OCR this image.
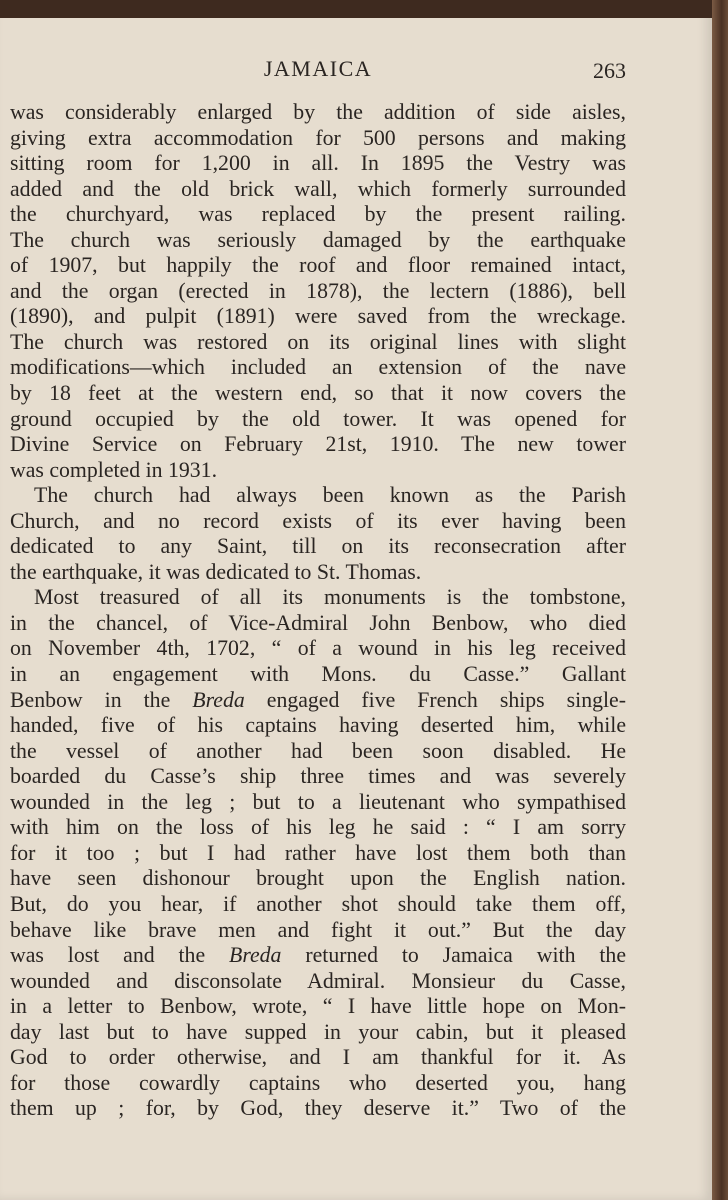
JAMAICA	263
was considerably enlarged by the addition of side aisles,
giving extra accommodation for 500 persons and making
sitting room for 1,200 in all. In 1895 the Vestry was
added and the old brick wall, which formerly surrounded
the churchyard, was replaced by the present railing.
The church was seriously damaged by the earthquake
of 1907, but happily the roof and floor remained intact,
and the organ (erected in 1878), the lectern (1886), bell
(1890), and pulpit (1891) were saved from the wreckage.
The church was restored on its original lines with slight
modifications—which included an extension of the nave
by 18 feet at the western end, so that it now covers the
ground occupied by the old tower. It was opened for
Divine Service on February 21st, 1910. The new tower
was completed in 1931.
The church had always been known as the Parish
Church, and no record exists of its ever having been
dedicated to any Saint, till on its reconsecration after
the earthquake, it was dedicated to St. Thomas.
Most treasured of all its monuments is the tombstone,
in the chancel, of Vice-Admiral John Benbow, who died
on November 4th, 1702, “ of a wound in his leg received
in an engagement with Mons. du Casse.” Gallant
Benbow in the Breda engaged five French ships single-
handed, five of his captains having deserted him, while
the vessel of another had been soon disabled. He
boarded du Casse’s ship three times and was severely
wounded in the leg ; but to a lieutenant who sympathised
with him on the loss of his leg he said : “ I am sorry
for it too ; but I had rather have lost them both than
have seen dishonour brought upon the English nation.
But, do you hear, if another shot should take them off,
behave like brave men and fight it out.” But the day
was lost and the Breda returned to Jamaica with the
wounded and disconsolate Admiral. Monsieur du Casse,
in a letter to Benbow, wrote, “ I have little hope on Mon-
day last but to have supped in your cabin, but it pleased
God to order otherwise, and I am thankful for it. As
for those cowardly captains who deserted you, hang
them up ; for, by God, they deserve it.” Two of the
